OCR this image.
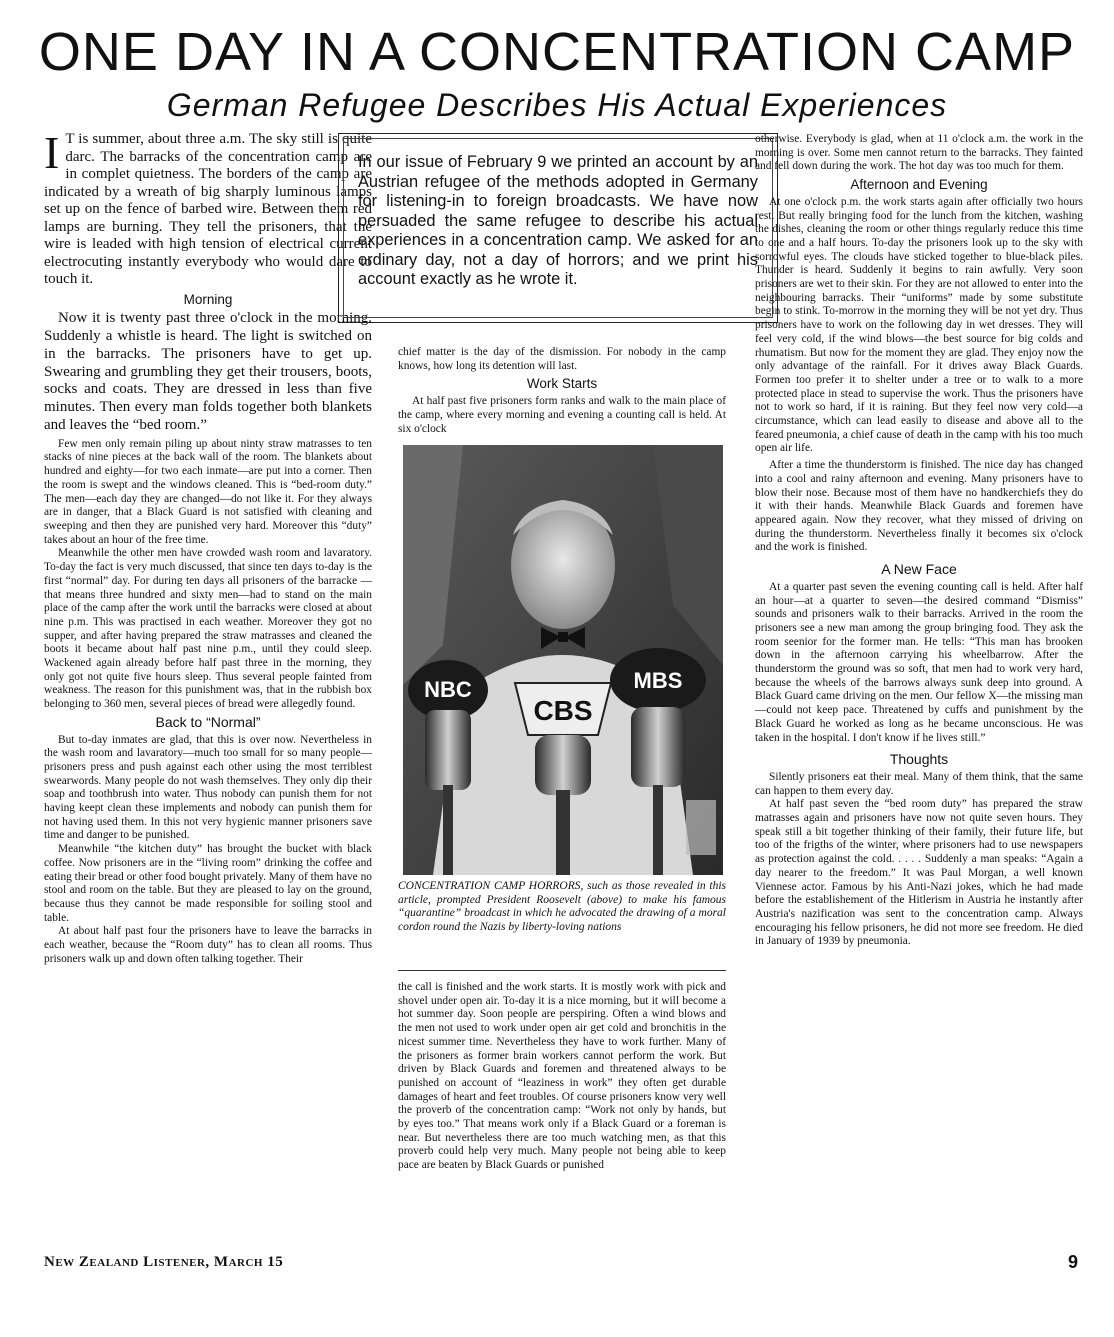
ONE DAY IN A CONCENTRATION CAMP
German Refugee Describes His Actual Experiences
I T is summer, about three a.m. The sky still is quite darc. The barracks of the concentration camp are in complet quietness. The borders of the camp are indicated by a wreath of big sharply luminous lamps set up on the fence of barbed wire. Between them red lamps are burning. They tell the prisoners, that the wire is leaded with high tension of electrical current electrocuting instantly everybody who would dare to touch it.
Morning

Now it is twenty past three o'clock in the morning. Suddenly a whistle is heard. The light is switched on in the barracks. The prisoners have to get up. Swearing and grumbling they get their trousers, boots, socks and coats. They are dressed in less than five minutes. Then every man folds together both blankets and leaves the “bed room.”

Few men only remain piling up about ninty straw matrasses to ten stacks of nine pieces at the back wall of the room. The blankets about hundred and eighty—for two each inmate—are put into a corner. Then the room is swept and the windows cleaned. This is “bed-room duty.” The men—each day they are changed—do not like it. For they always are in danger, that a Black Guard is not satisfied with cleaning and sweeping and then they are punished very hard. Moreover this “duty” takes about an hour of the free time.

Meanwhile the other men have crowded wash room and lavaratory. To-day the fact is very much discussed, that since ten days to-day is the first “normal” day. For during ten days all prisoners of the barracke —that means three hundred and sixty men—had to stand on the main place of the camp after the work until the barracks were closed at about nine p.m. This was practised in each weather. Moreover they got no supper, and after having prepared the straw matrasses and cleaned the boots it became about half past nine p.m., until they could sleep. Wackened again already before half past three in the morning, they only got not quite five hours sleep. Thus several people fainted from weakness. The reason for this punishment was, that in the rubbish box belonging to 360 men, several pieces of bread were allegedly found.

Back to “Normal”

But to-day inmates are glad, that this is over now. Nevertheless in the wash room and lavaratory—much too small for so many people—prisoners press and push against each other using the most terriblest swearwords. Many people do not wash themselves. They only dip their soap and toothbrush into water. Thus nobody can punish them for not having keept clean these implements and nobody can punish them for not having used them. In this not very hygienic manner prisoners save time and danger to be punished.

Meanwhile “the kitchen duty” has brought the bucket with black coffee. Now prisoners are in the “living room” drinking the coffee and eating their bread or other food bought privately. Many of them have no stool and room on the table. But they are pleased to lay on the ground, because thus they cannot be made responsible for soiling stool and table.

At about half past four the prisoners have to leave the barracks in each weather, because the “Room duty” has to clean all rooms. Thus prisoners walk up and down often talking together. Their

In our issue of February 9 we printed an account by an Austrian refugee of the methods adopted in Germany for listening-in to foreign broadcasts. We have now persuaded the same refugee to describe his actual experiences in a concentration camp. We asked for an ordinary day, not a day of horrors; and we print his account exactly as he wrote it.

chief matter is the day of the dismission. For nobody in the camp knows, how long its detention will last.

Work Starts

At half past five prisoners form ranks and walk to the main place of the camp, where every morning and evening a counting call is held. At six o'clock

NBC
CBS
MBS
CONCENTRATION CAMP HORRORS, such as those revealed in this article, prompted President Roosevelt (above) to make his famous “quarantine” broadcast in which he advocated the drawing of a moral cordon round the Nazis by liberty-loving nations

the call is finished and the work starts. It is mostly work with pick and shovel under open air. To-day it is a nice morning, but it will become a hot summer day. Soon people are perspiring. Often a wind blows and the men not used to work under open air get cold and bronchitis in the nicest summer time. Nevertheless they have to work further. Many of the prisoners as former brain workers cannot perform the work. But driven by Black Guards and foremen and threatened always to be punished on account of “leaziness in work” they often get durable damages of heart and feet troubles. Of course prisoners know very well the proverb of the concentration camp: “Work not only by hands, but by eyes too.” That means work only if a Black Guard or a foreman is near. But nevertheless there are too much watching men, as that this proverb could help very much. Many people not being able to keep pace are beaten by Black Guards or punished

otherwise. Everybody is glad, when at 11 o'clock a.m. the work in the morning is over. Some men cannot return to the barracks. They fainted and fell down during the work. The hot day was too much for them.

Afternoon and Evening

At one o'clock p.m. the work starts again after officially two hours rest. But really bringing food for the lunch from the kitchen, washing the dishes, cleaning the room or other things regularly reduce this time to one and a half hours. To-day the prisoners look up to the sky with sorrowful eyes. The clouds have sticked together to blue-black piles. Thunder is heard. Suddenly it begins to rain awfully. Very soon prisoners are wet to their skin. For they are not allowed to enter into the neighbouring barracks. Their “uniforms” made by some substitute begin to stink. To-morrow in the morning they will be not yet dry. Thus prisoners have to work on the following day in wet dresses. They will feel very cold, if the wind blows—the best source for big colds and rhumatism. But now for the moment they are glad. They enjoy now the only advantage of the rainfall. For it drives away Black Guards. Formen too prefer it to shelter under a tree or to walk to a more protected place in stead to supervise the work. Thus the prisoners have not to work so hard, if it is raining. But they feel now very cold—a circumstance, which can lead easily to disease and above all to the feared pneumonia, a chief cause of death in the camp with his too much open air life.

After a time the thunderstorm is finished. The nice day has changed into a cool and rainy afternoon and evening. Many prisoners have to blow their nose. Because most of them have no handkerchiefs they do it with their hands. Meanwhile Black Guards and foremen have appeared again. Now they recover, what they missed of driving on during the thunderstorm. Nevertheless finally it becomes six o'clock and the work is finished.

A New Face

At a quarter past seven the evening counting call is held. After half an hour—at a quarter to seven—the desired command “Dismiss” sounds and prisoners walk to their barracks. Arrived in the room the prisoners see a new man among the group bringing food. They ask the room seenior for the former man. He tells: “This man has brooken down in the afternoon carrying his wheelbarrow. After the thunderstorm the ground was so soft, that men had to work very hard, because the wheels of the barrows always sunk deep into ground. A Black Guard came driving on the men. Our fellow X—the missing man—could not keep pace. Threatened by cuffs and punishment by the Black Guard he worked as long as he became unconscious. He was taken in the hospital. I don't know if he lives still.”

Thoughts

Silently prisoners eat their meal. Many of them think, that the same can happen to them every day.

At half past seven the “bed room duty” has prepared the straw matrasses again and prisoners have now not quite seven hours. They speak still a bit together thinking of their family, their future life, but too of the frigths of the winter, where prisoners had to use newspapers as protection against the cold. . . . . Suddenly a man speaks: “Again a day nearer to the freedom.” It was Paul Morgan, a well known Viennese actor. Famous by his Anti-Nazi jokes, which he had made before the establishement of the Hitlerism in Austria he instantly after Austria's nazification was sent to the concentration camp. Always encouraging his fellow prisoners, he did not more see freedom. He died in January of 1939 by pneumonia.

New Zealand Listener, March 15	9
